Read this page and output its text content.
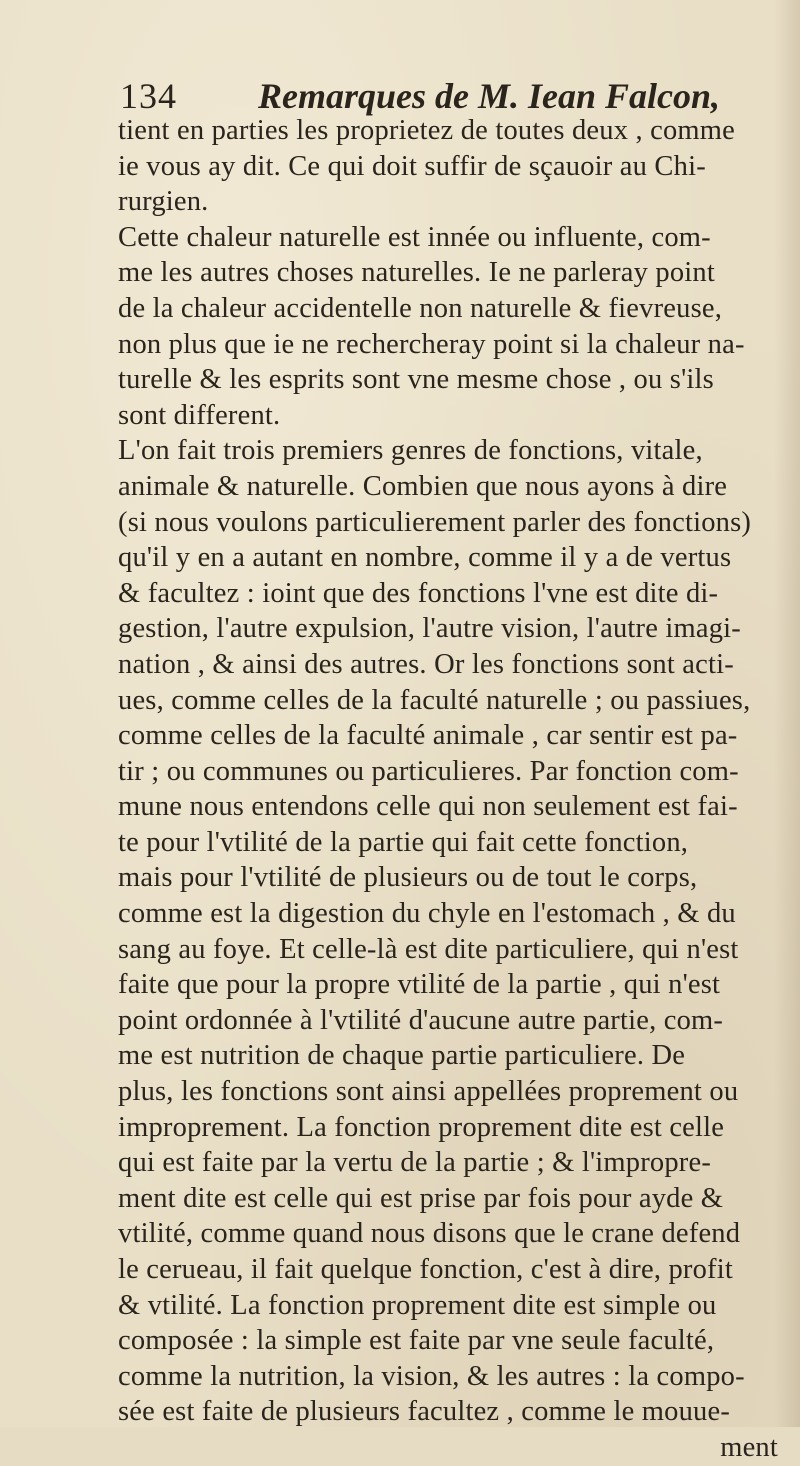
134 Remarques de M. Iean Falcon,
tient en parties les proprietez de toutes deux , comme
ie vous ay dit. Ce qui doit suffir de sçauoir au Chi-
rurgien.
Cette chaleur naturelle est innée ou influente, com-
me les autres choses naturelles. Ie ne parleray point
de la chaleur accidentelle non naturelle & fievreuse,
non plus que ie ne rechercheray point si la chaleur na-
turelle & les esprits sont vne mesme chose , ou s'ils
sont different.
L'on fait trois premiers genres de fonctions, vitale,
animale & naturelle. Combien que nous ayons à dire
(si nous voulons particulierement parler des fonctions)
qu'il y en a autant en nombre, comme il y a de vertus
& facultez : ioint que des fonctions l'vne est dite di-
gestion, l'autre expulsion, l'autre vision, l'autre imagi-
nation , & ainsi des autres. Or les fonctions sont acti-
ues, comme celles de la faculté naturelle ; ou passiues,
comme celles de la faculté animale , car sentir est pa-
tir ; ou communes ou particulieres. Par fonction com-
mune nous entendons celle qui non seulement est fai-
te pour l'vtilité de la partie qui fait cette fonction,
mais pour l'vtilité de plusieurs ou de tout le corps,
comme est la digestion du chyle en l'estomach , & du
sang au foye. Et celle-là est dite particuliere, qui n'est
faite que pour la propre vtilité de la partie , qui n'est
point ordonnée à l'vtilité d'aucune autre partie, com-
me est nutrition de chaque partie particuliere. De
plus, les fonctions sont ainsi appellées proprement ou
improprement. La fonction proprement dite est celle
qui est faite par la vertu de la partie ; & l'impropre-
ment dite est celle qui est prise par fois pour ayde &
vtilité, comme quand nous disons que le crane defend
le cerueau, il fait quelque fonction, c'est à dire, profit
& vtilité. La fonction proprement dite est simple ou
composée : la simple est faite par vne seule faculté,
comme la nutrition, la vision, & les autres : la compo-
sée est faite de plusieurs facultez , comme le mouue-
ment
